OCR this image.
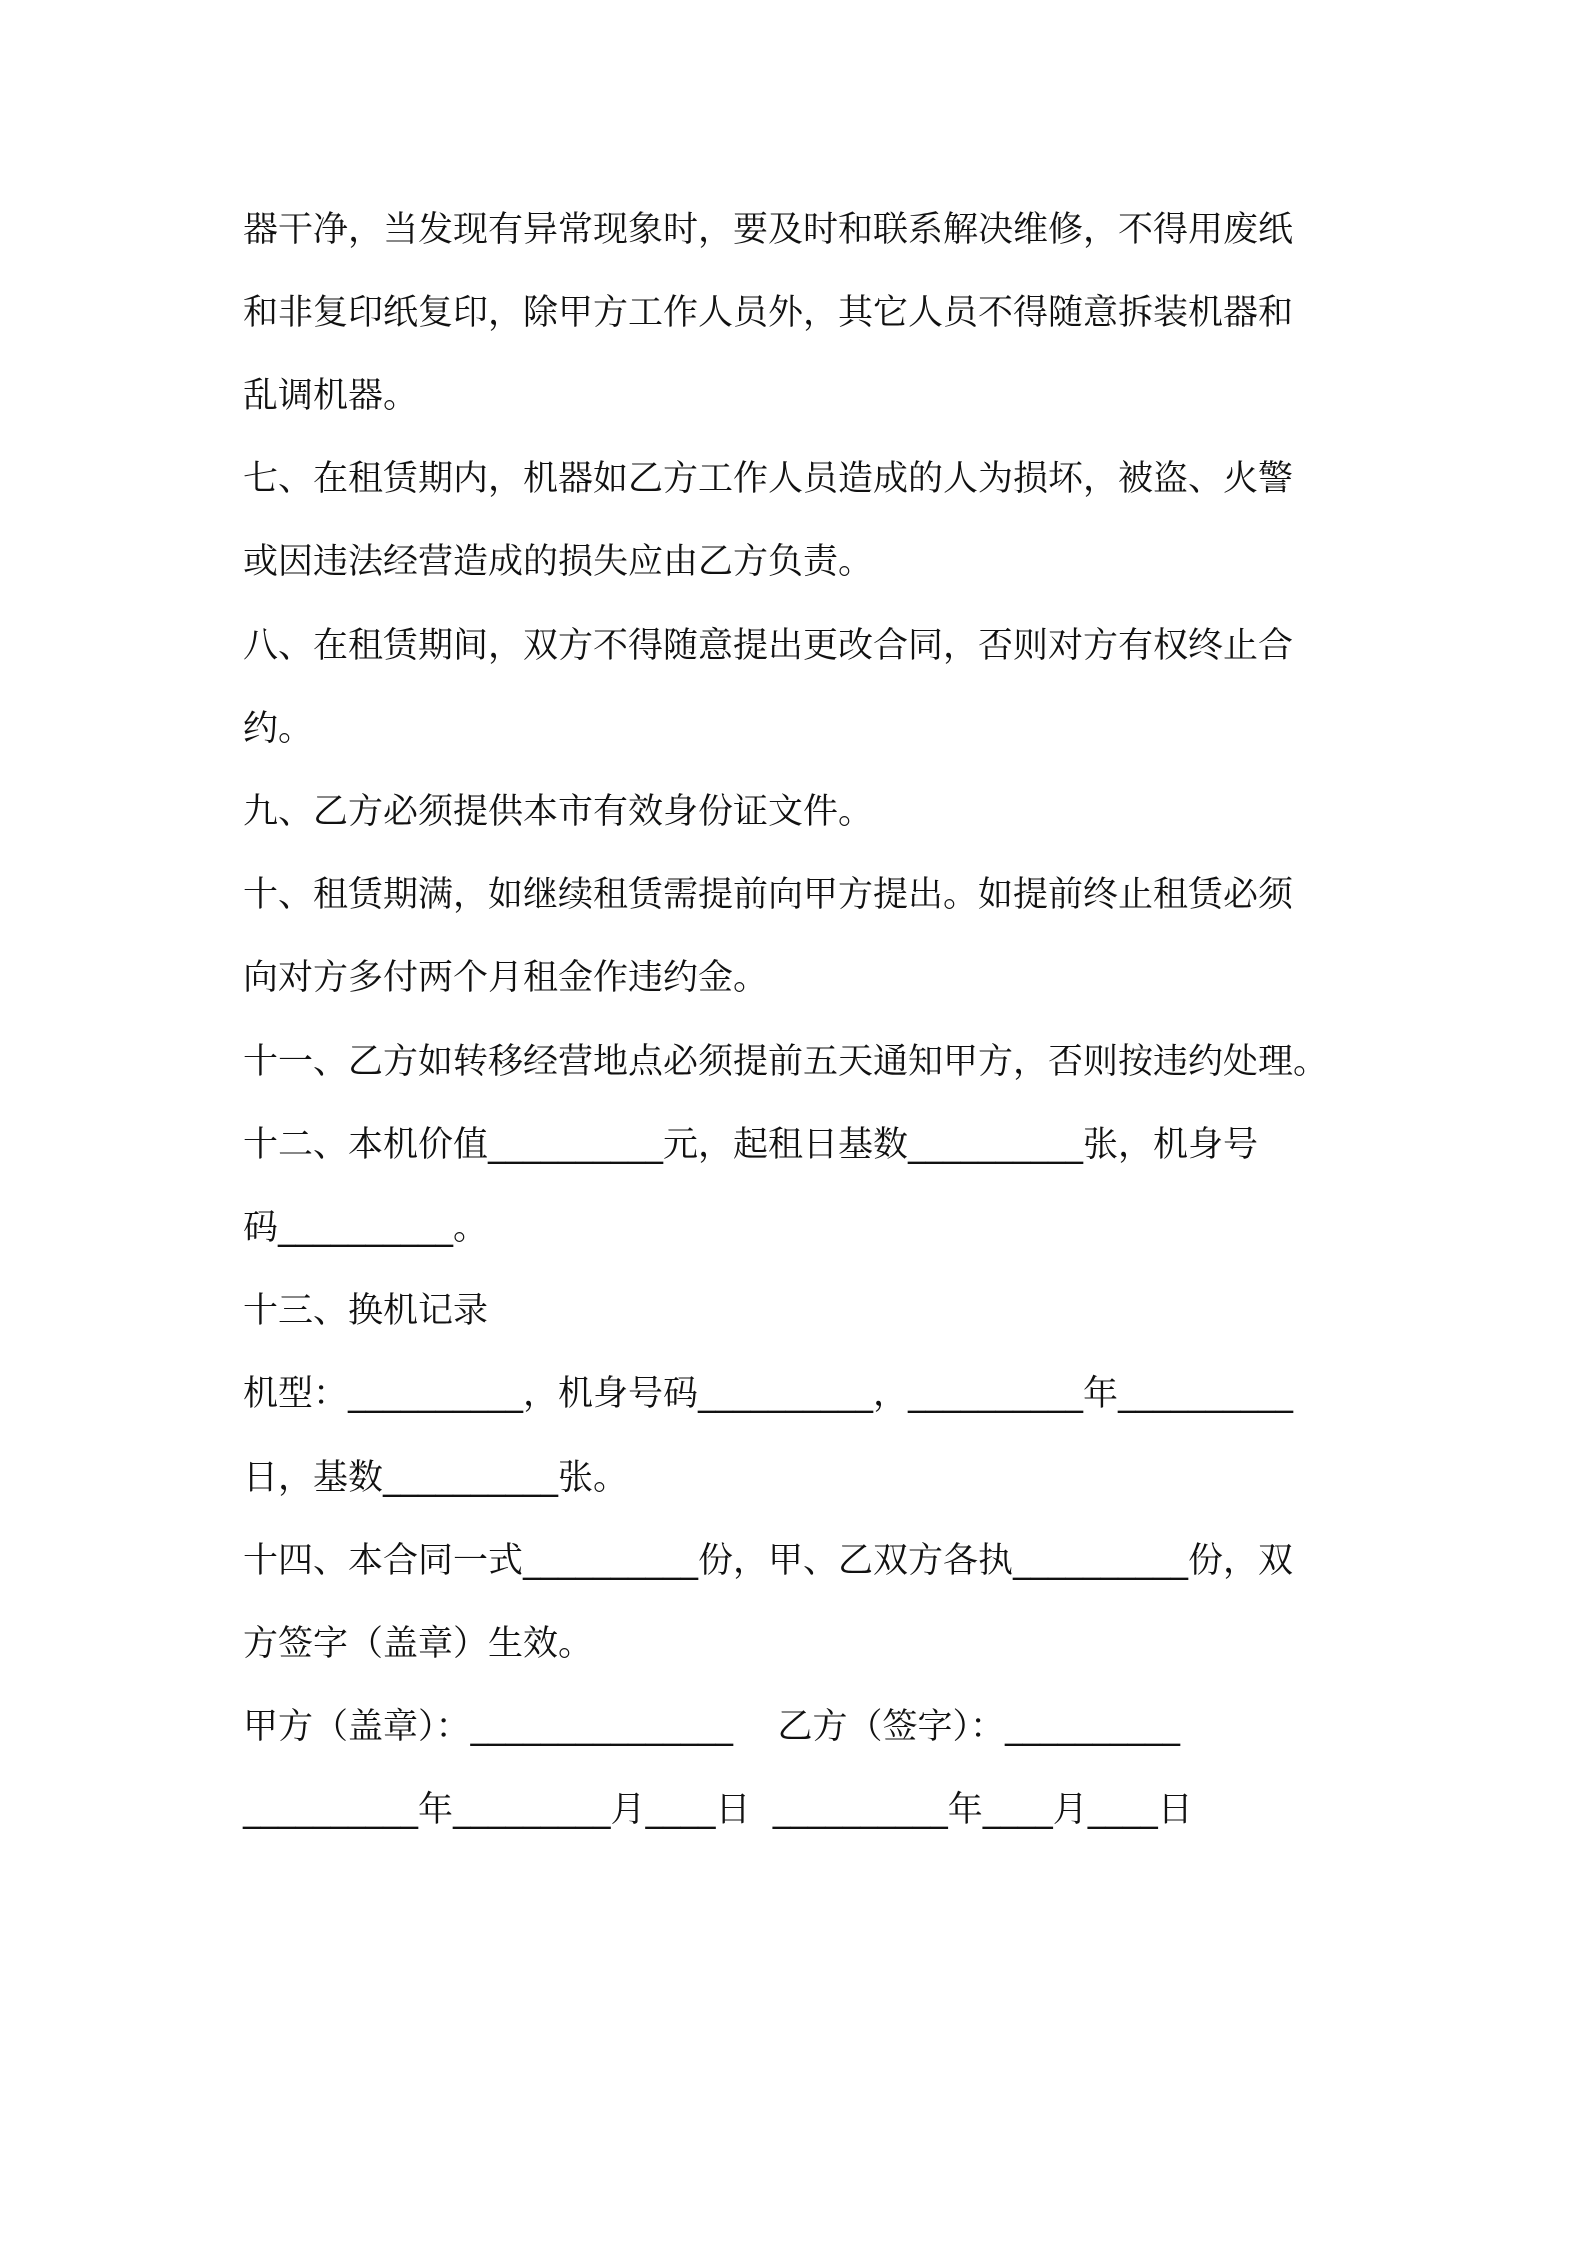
器干净，当发现有异常现象时，要及时和联系解决维修，不得用废纸
和非复印纸复印，除甲方工作人员外，其它人员不得随意拆装机器和
乱调机器。
七、在租赁期内，机器如乙方工作人员造成的人为损坏，被盗、火警
或因违法经营造成的损失应由乙方负责。
八、在租赁期间，双方不得随意提出更改合同，否则对方有权终止合
约。
九、乙方必须提供本市有效身份证文件。
十、租赁期满，如继续租赁需提前向甲方提出。如提前终止租赁必须
向对方多付两个月租金作违约金。
十一、乙方如转移经营地点必须提前五天通知甲方，否则按违约处理。
十二、本机价值__________元，起租日基数__________张，机身号
码__________。
十三、换机记录
机型：__________，机身号码__________，__________年__________
日，基数__________张。
十四、本合同一式__________份，甲、乙双方各执__________份，双
方签字（盖章）生效。
甲方（盖章）：_______________    乙方（签字）：__________
__________年_________月____日  __________年____月____日
